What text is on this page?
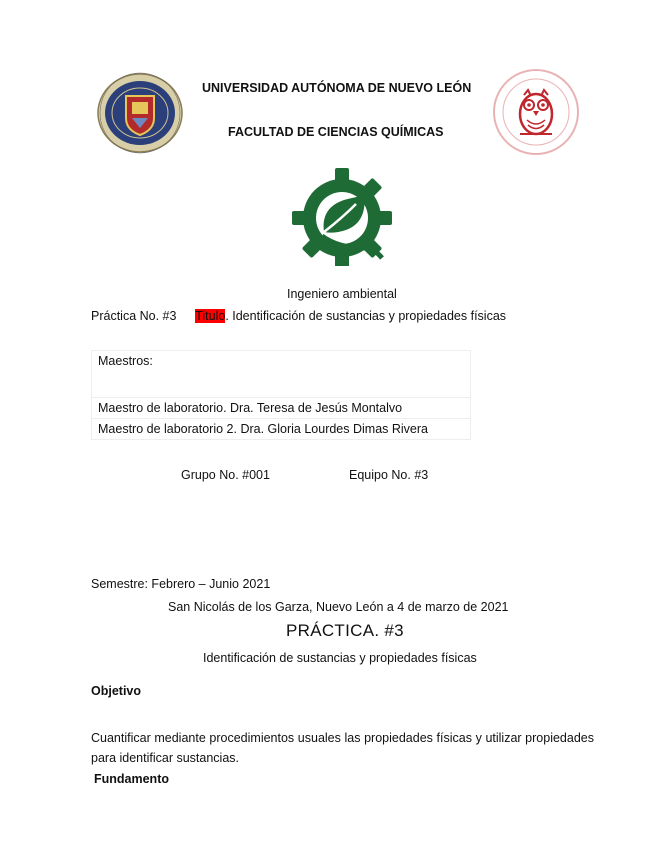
UNIVERSIDAD AUTÓNOMA DE NUEVO LEÓN
FACULTAD DE CIENCIAS QUÍMICAS
Ingeniero ambiental
Práctica No. #3 Titulo. Identificación de sustancias y propiedades físicas
Maestros:
Maestro de laboratorio. Dra. Teresa de Jesús Montalvo
Maestro de laboratorio 2. Dra. Gloria Lourdes Dimas Rivera
Grupo No. #001	Equipo No. #3
Semestre: Febrero – Junio 2021
San Nicolás de los Garza, Nuevo León a 4 de marzo de 2021
PRÁCTICA. #3
Identificación de sustancias y propiedades físicas
Objetivo
Cuantificar mediante procedimientos usuales las propiedades físicas y utilizar propiedades para identificar sustancias.
Fundamento
